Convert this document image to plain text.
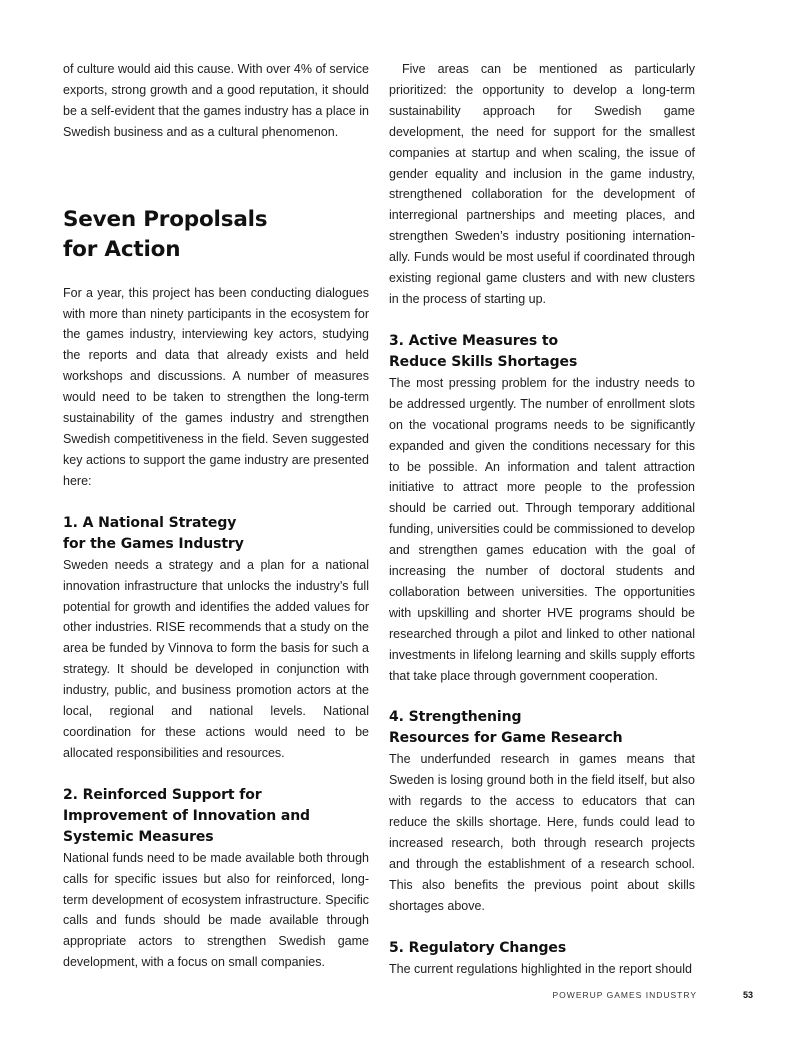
of culture would aid this cause. With over 4% of service exports, strong growth and a good reputation, it should be a self-evident that the games industry has a place in Swedish business and as a cultural phenomenon.

Seven Propolsals
for Action

For a year, this project has been conducting dialogues with more than ninety participants in the ecosystem for the games industry, interviewing key actors, studying the reports and data that already exists and held workshops and discussions. A number of measures would need to be taken to strengthen the long-term sustainability of the games industry and strengthen Swedish competitiveness in the field. Seven suggested key actions to support the game industry are presented here:

1. A National Strategy
for the Games Industry

Sweden needs a strategy and a plan for a national innovation infrastructure that unlocks the industry’s full potential for growth and identifies the added values for other industries. RISE recommends that a study on the area be funded by Vinnova to form the basis for such a strategy. It should be developed in conjunction with industry, public, and business promotion actors at the local, regional and national levels. National coordination for these actions would need to be allocated responsibilities and resources.

2. Reinforced Support for
Improvement of Innovation and
Systemic Measures

National funds need to be made available both through calls for specific issues but also for reinforced, long-term development of ecosystem infrastructure. Specific calls and funds should be made available through appropriate actors to strengthen Swedish game development, with a focus on small companies.

Five areas can be mentioned as particularly prioritized: the opportunity to develop a long-term sustainability approach for Swedish game development, the need for support for the smallest companies at startup and when scaling, the issue of gender equality and inclusion in the game industry, strengthened collaboration for the development of interregional partnerships and meeting places, and strengthen Sweden’s industry positioning internationally. Funds would be most useful if coordinated through existing regional game clusters and with new clusters in the process of starting up.

3. Active Measures to
Reduce Skills Shortages

The most pressing problem for the industry needs to be addressed urgently. The number of enrollment slots on the vocational programs needs to be significantly expanded and given the conditions necessary for this to be possible. An information and talent attraction initiative to attract more people to the profession should be carried out. Through temporary additional funding, universities could be commissioned to develop and strengthen games education with the goal of increasing the number of doctoral students and collaboration between universities. The opportunities with upskilling and shorter HVE programs should be researched through a pilot and linked to other national investments in lifelong learning and skills supply efforts that take place through government cooperation.

4. Strengthening
Resources for Game Research

The underfunded research in games means that Sweden is losing ground both in the field itself, but also with regards to the access to educators that can reduce the skills shortage. Here, funds could lead to increased research, both through research projects and through the establishment of a research school. This also benefits the previous point about skills shortages above.

5. Regulatory Changes

The current regulations highlighted in the report should

POWERUP GAMES INDUSTRY	53
